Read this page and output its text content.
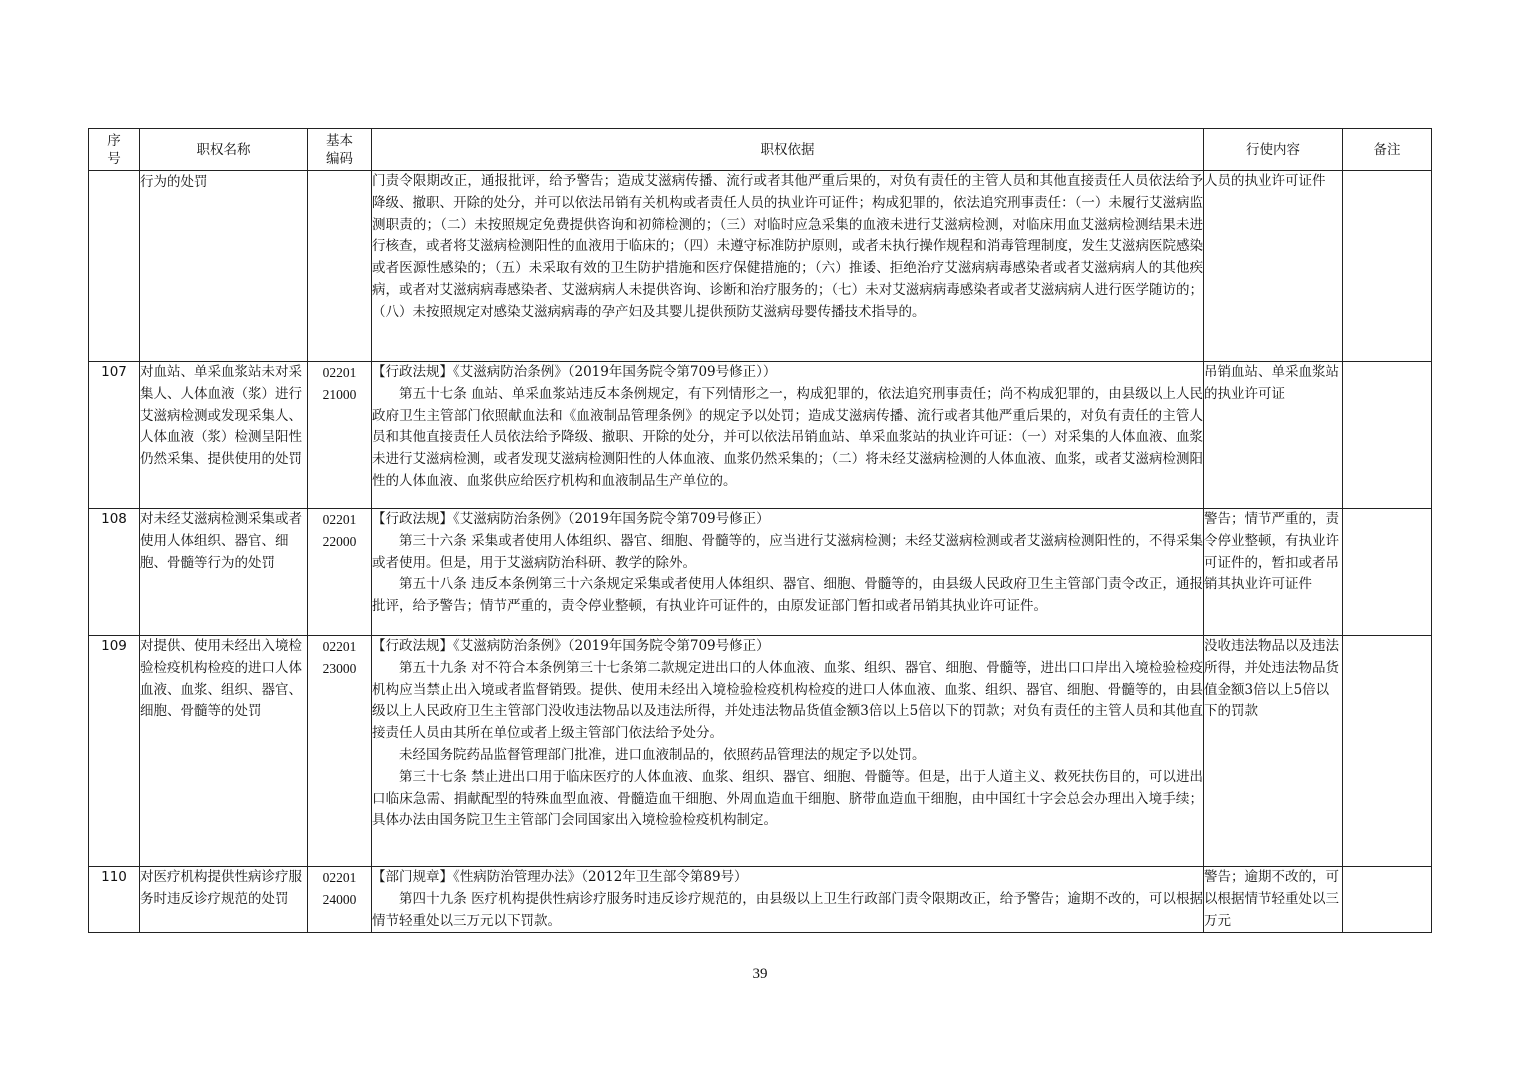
序号	职权名称	基本编码	职权依据	行使内容	备注
	行为的处罚		门责令限期改正，通报批评，给予警告；造成艾滋病传播、流行或者其他严重后果的，对负有责任的主管人员和其他直接责任人员依法给予降级、撤职、开除的处分，并可以依法吊销有关机构或者责任人员的执业许可证件；构成犯罪的，依法追究刑事责任：（一）未履行艾滋病监测职责的；（二）未按照规定免费提供咨询和初筛检测的；（三）对临时应急采集的血液未进行艾滋病检测，对临床用血艾滋病检测结果未进行核查，或者将艾滋病检测阳性的血液用于临床的；（四）未遵守标准防护原则，或者未执行操作规程和消毒管理制度，发生艾滋病医院感染或者医源性感染的；（五）未采取有效的卫生防护措施和医疗保健措施的；（六）推诿、拒绝治疗艾滋病病毒感染者或者艾滋病病人的其他疾病，或者对艾滋病病毒感染者、艾滋病病人未提供咨询、诊断和治疗服务的；（七）未对艾滋病病毒感染者或者艾滋病病人进行医学随访的；（八）未按照规定对感染艾滋病病毒的孕产妇及其婴儿提供预防艾滋病母婴传播技术指导的。	人员的执业许可证件	
107	对血站、单采血浆站未对采集人、人体血液（浆）进行艾滋病检测或发现采集人、人体血液（浆）检测呈阳性仍然采集、提供使用的处罚	0220121000	【行政法规】《艾滋病防治条例》（2019年国务院令第709号修正））

第五十七条 血站、单采血浆站违反本条例规定，有下列情形之一，构成犯罪的，依法追究刑事责任；尚不构成犯罪的，由县级以上人民政府卫生主管部门依照献血法和《血液制品管理条例》的规定予以处罚；造成艾滋病传播、流行或者其他严重后果的，对负有责任的主管人员和其他直接责任人员依法给予降级、撤职、开除的处分，并可以依法吊销血站、单采血浆站的执业许可证：（一）对采集的人体血液、血浆未进行艾滋病检测，或者发现艾滋病检测阳性的人体血液、血浆仍然采集的；（二）将未经艾滋病检测的人体血液、血浆，或者艾滋病检测阳性的人体血液、血浆供应给医疗机构和血液制品生产单位的。	吊销血站、单采血浆站的执业许可证	
108	对未经艾滋病检测采集或者使用人体组织、器官、细胞、骨髓等行为的处罚	0220122000	【行政法规】《艾滋病防治条例》（2019年国务院令第709号修正）

第三十六条 采集或者使用人体组织、器官、细胞、骨髓等的，应当进行艾滋病检测；未经艾滋病检测或者艾滋病检测阳性的，不得采集或者使用。但是，用于艾滋病防治科研、教学的除外。

第五十八条 违反本条例第三十六条规定采集或者使用人体组织、器官、细胞、骨髓等的，由县级人民政府卫生主管部门责令改正，通报批评，给予警告；情节严重的，责令停业整顿，有执业许可证件的，由原发证部门暂扣或者吊销其执业许可证件。	警告；情节严重的，责令停业整顿，有执业许可证件的，暂扣或者吊销其执业许可证件	
109	对提供、使用未经出入境检验检疫机构检疫的进口人体血液、血浆、组织、器官、细胞、骨髓等的处罚	0220123000	【行政法规】《艾滋病防治条例》（2019年国务院令第709号修正）

第五十九条 对不符合本条例第三十七条第二款规定进出口的人体血液、血浆、组织、器官、细胞、骨髓等，进出口口岸出入境检验检疫机构应当禁止出入境或者监督销毁。提供、使用未经出入境检验检疫机构检疫的进口人体血液、血浆、组织、器官、细胞、骨髓等的，由县级以上人民政府卫生主管部门没收违法物品以及违法所得，并处违法物品货值金额3倍以上5倍以下的罚款；对负有责任的主管人员和其他直接责任人员由其所在单位或者上级主管部门依法给予处分。

未经国务院药品监督管理部门批准，进口血液制品的，依照药品管理法的规定予以处罚。

第三十七条 禁止进出口用于临床医疗的人体血液、血浆、组织、器官、细胞、骨髓等。但是，出于人道主义、救死扶伤目的，可以进出口临床急需、捐献配型的特殊血型血液、骨髓造血干细胞、外周血造血干细胞、脐带血造血干细胞，由中国红十字会总会办理出入境手续；具体办法由国务院卫生主管部门会同国家出入境检验检疫机构制定。	没收违法物品以及违法所得，并处违法物品货值金额3倍以上5倍以下的罚款	
110	对医疗机构提供性病诊疗服务时违反诊疗规范的处罚	0220124000	【部门规章】《性病防治管理办法》（2012年卫生部令第89号）

第四十九条 医疗机构提供性病诊疗服务时违反诊疗规范的，由县级以上卫生行政部门责令限期改正，给予警告；逾期不改的，可以根据情节轻重处以三万元以下罚款。	警告；逾期不改的，可以根据情节轻重处以三万元	
39
